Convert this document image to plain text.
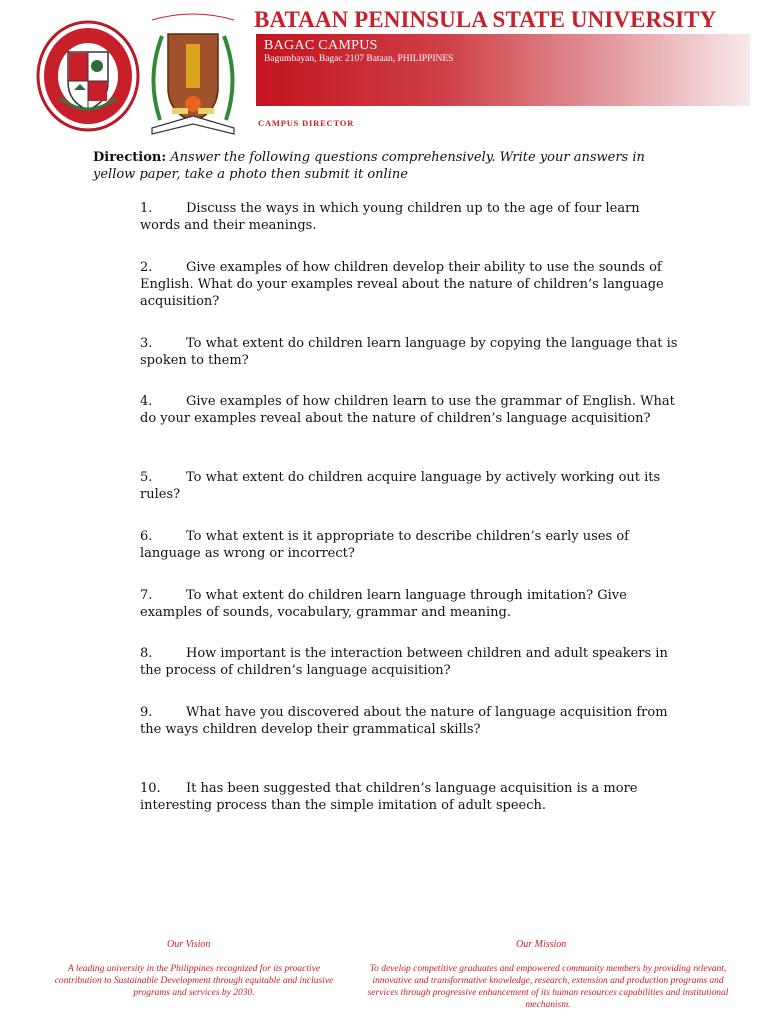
BATAAN PENINSULA STATE UNIVERSITY
BAGAC CAMPUS
Bagumbayan, Bagac 2107 Bataan, PHILIPPINES
CAMPUS DIRECTOR
Direction: Answer the following questions comprehensively. Write your answers in yellow paper, take a photo then submit it online
1.	Discuss the ways in which young children up to the age of four learn words and their meanings.
2.	Give examples of how children develop their ability to use the sounds of English. What do your examples reveal about the nature of children’s language acquisition?
3.	To what extent do children learn language by copying the language that is spoken to them?
4.	Give examples of how children learn to use the grammar of English. What do your examples reveal about the nature of children’s language acquisition?
5.	To what extent do children acquire language by actively working out its rules?
6.	To what extent is it appropriate to describe children’s early uses of language as wrong or incorrect?
7.	To what extent do children learn language through imitation? Give examples of sounds, vocabulary, grammar and meaning.
8.	How important is the interaction between children and adult speakers in the process of children’s language acquisition?
9.	What have you discovered about the nature of language acquisition from the ways children develop their grammatical skills?
10. It has been suggested that children’s language acquisition is a more interesting process than the simple imitation of adult speech.
Our Vision	Our Mission
A leading university in the Philippines recognized for its proactive contribution to Sustainable Development through equitable and inclusive programs and services by 2030.
To develop competitive graduates and empowered community members by providing relevant, innovative and transformative knowledge, research, extension and production programs and services through progressive enhancement of its human resources capabilities and institutional mechanism.
